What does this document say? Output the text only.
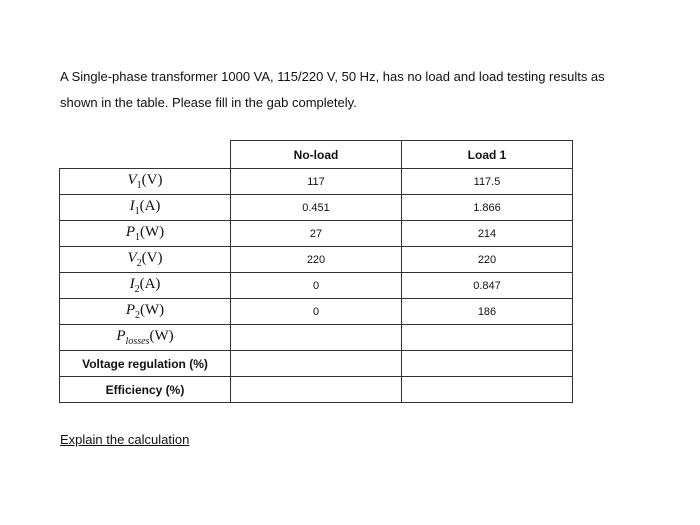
A Single-phase transformer 1000 VA, 115/220 V, 50 Hz, has no load and load testing results as
shown in the table. Please fill in the gab completely.

	No-load	Load 1
$V_1(V)$	117	117.5
$I_1(A)$	0.451	1.866
$P_1(W)$	27	214
$V_2(V)$	220	220
$I_2(A)$	0	0.847
$P_2(W)$	0	186
$P_{losses}(W)$		
Voltage regulation (%)		
Efficiency (%)		

Explain the calculation
